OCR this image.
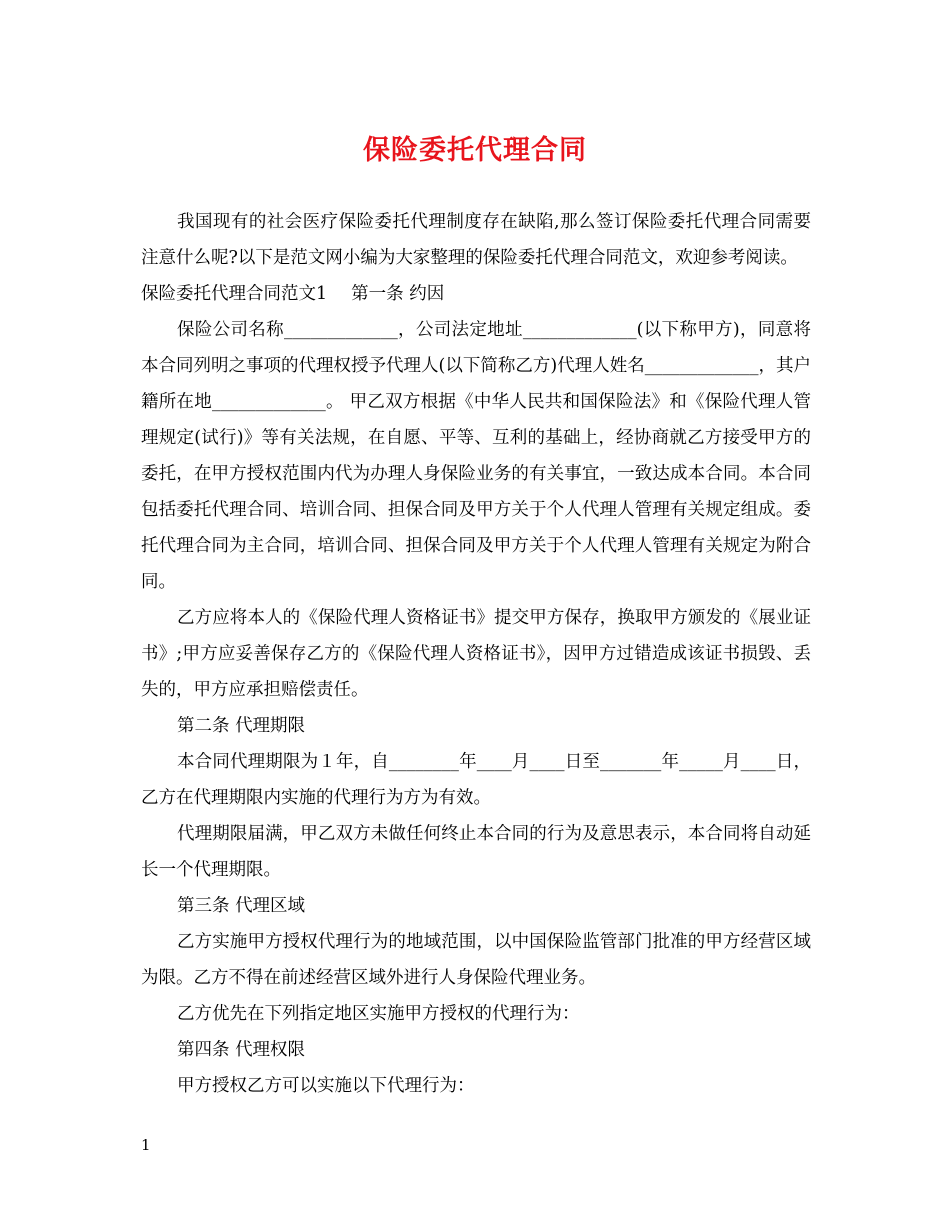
保险委托代理合同

我国现有的社会医疗保险委托代理制度存在缺陷,那么签订保险委托代理合同需要注意什么呢?以下是范文网小编为大家整理的保险委托代理合同范文，欢迎参考阅读。

保险委托代理合同范文1 第一条 约因

保险公司名称_____________，公司法定地址_____________(以下称甲方)，同意将本合同列明之事项的代理权授予代理人(以下简称乙方)代理人姓名_____________，其户籍所在地_____________。 甲乙双方根据《中华人民共和国保险法》和《保险代理人管理规定(试行)》等有关法规，在自愿、平等、互利的基础上，经协商就乙方接受甲方的委托，在甲方授权范围内代为办理人身保险业务的有关事宜，一致达成本合同。本合同包括委托代理合同、培训合同、担保合同及甲方关于个人代理人管理有关规定组成。委托代理合同为主合同，培训合同、担保合同及甲方关于个人代理人管理有关规定为附合同。

乙方应将本人的《保险代理人资格证书》提交甲方保存，换取甲方颁发的《展业证书》;甲方应妥善保存乙方的《保险代理人资格证书》，因甲方过错造成该证书损毁、丢失的，甲方应承担赔偿责任。

第二条 代理期限

本合同代理期限为１年，自________年____月____日至_______年_____月____日，乙方在代理期限内实施的代理行为方为有效。

代理期限届满，甲乙双方未做任何终止本合同的行为及意思表示，本合同将自动延长一个代理期限。

第三条 代理区域

乙方实施甲方授权代理行为的地域范围，以中国保险监管部门批准的甲方经营区域为限。乙方不得在前述经营区域外进行人身保险代理业务。

乙方优先在下列指定地区实施甲方授权的代理行为：

第四条 代理权限

甲方授权乙方可以实施以下代理行为：

1
